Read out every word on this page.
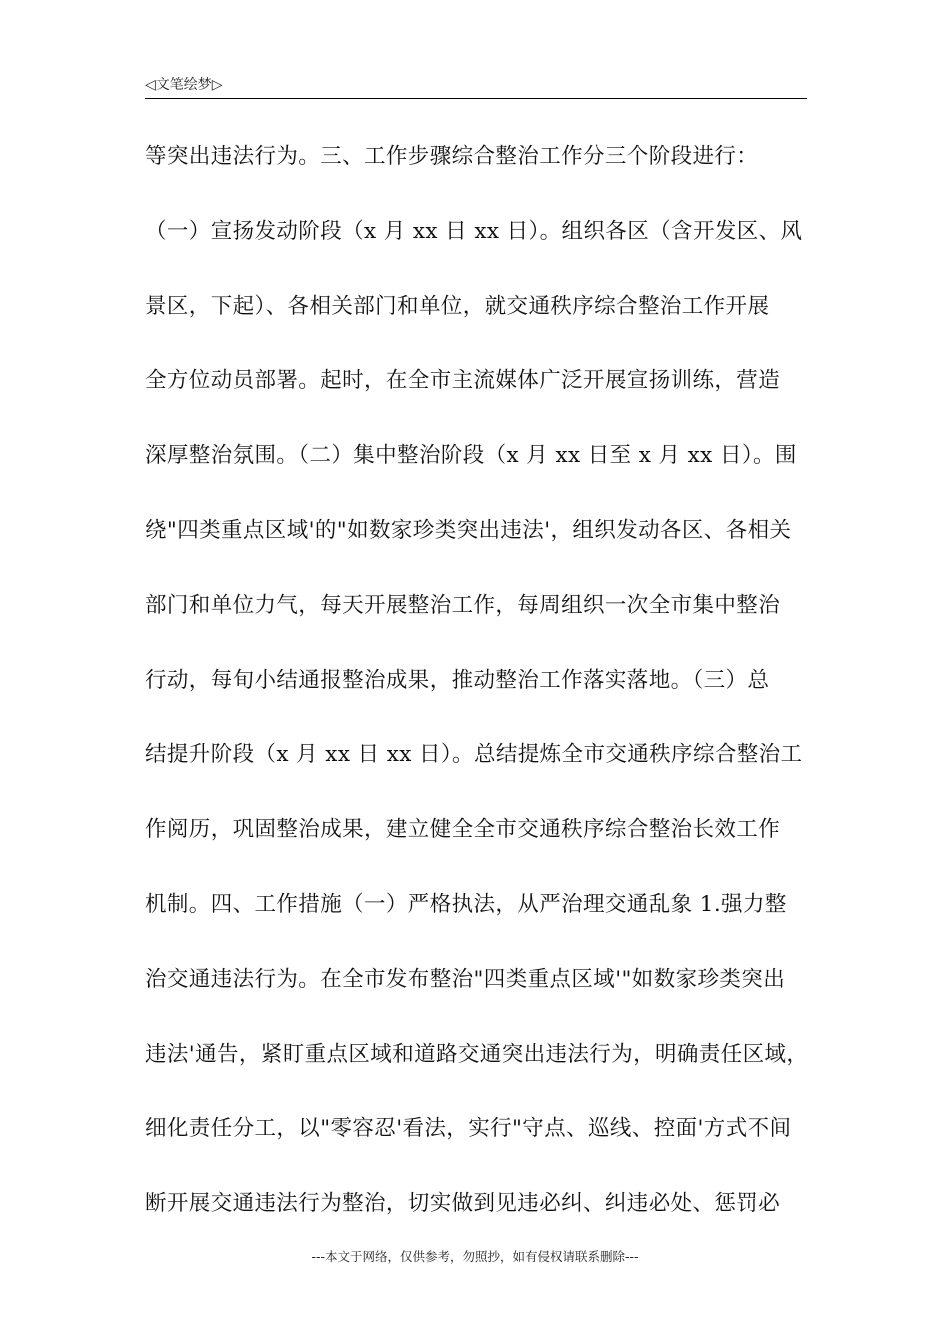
◁文笔绘梦▷
等突出违法行为。三、工作步骤综合整治工作分三个阶段进行：
（一）宣扬发动阶段（x 月 xx 日 xx 日）。组织各区（含开发区、风
景区，下起）、各相关部门和单位，就交通秩序综合整治工作开展
全方位动员部署。起时，在全市主流媒体广泛开展宣扬训练，营造
深厚整治氛围。（二）集中整治阶段（x 月 xx 日至 x 月 xx 日）。围
绕"四类重点区域'的"如数家珍类突出违法'，组织发动各区、各相关
部门和单位力气，每天开展整治工作，每周组织一次全市集中整治
行动，每旬小结通报整治成果，推动整治工作落实落地。（三）总
结提升阶段（x 月 xx 日 xx 日）。总结提炼全市交通秩序综合整治工
作阅历，巩固整治成果，建立健全全市交通秩序综合整治长效工作
机制。四、工作措施（一）严格执法，从严治理交通乱象 1.强力整
治交通违法行为。在全市发布整治"四类重点区域'"如数家珍类突出
违法'通告，紧盯重点区域和道路交通突出违法行为，明确责任区域，
细化责任分工，以"零容忍'看法，实行"守点、巡线、控面'方式不间
断开展交通违法行为整治，切实做到见违必纠、纠违必处、惩罚必
---本文于网络，仅供参考，勿照抄，如有侵权请联系删除---
